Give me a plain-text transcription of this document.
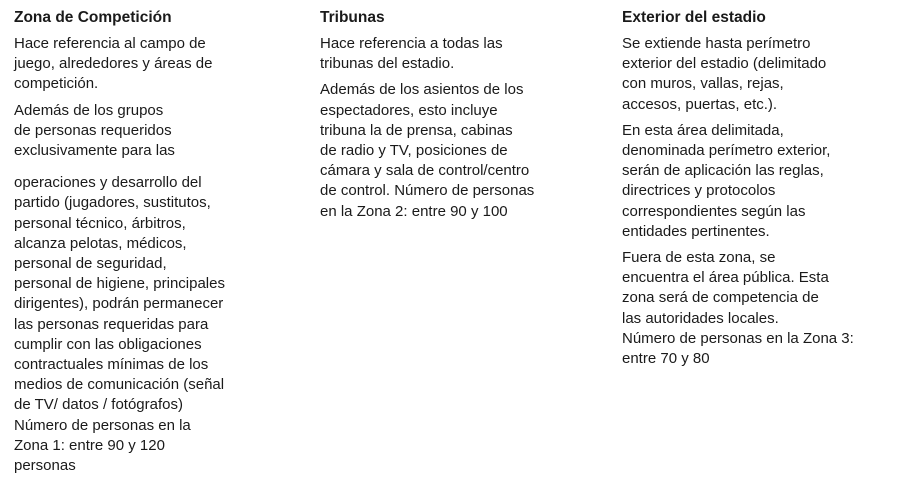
Zona de Competición
Hace referencia al campo de
juego, alrededores y áreas de
competición.
Además de los grupos
de personas requeridos
exclusivamente para las
operaciones y desarrollo del
partido (jugadores, sustitutos,
personal técnico, árbitros,
alcanza pelotas, médicos,
personal de seguridad,
personal de higiene, principales
dirigentes), podrán permanecer
las personas requeridas para
cumplir con las obligaciones
contractuales mínimas de los
medios de comunicación (señal
de TV/ datos / fotógrafos)
Número de personas en la
Zona 1: entre 90 y 120
personas
Tribunas
Hace referencia a todas las
tribunas del estadio.
Además de los asientos de los
espectadores, esto incluye
tribuna la de prensa, cabinas
de radio y TV, posiciones de
cámara y sala de control/centro
de control. Número de personas
en la Zona 2: entre 90 y 100
Exterior del estadio
Se extiende hasta perímetro
exterior del estadio (delimitado
con muros, vallas, rejas,
accesos, puertas, etc.).
En esta área delimitada,
denominada perímetro exterior,
serán de aplicación las reglas,
directrices y protocolos
correspondientes según las
entidades pertinentes.
Fuera de esta zona, se
encuentra el área pública. Esta
zona será de competencia de
las autoridades locales.
Número de personas en la Zona 3:
entre 70 y 80
